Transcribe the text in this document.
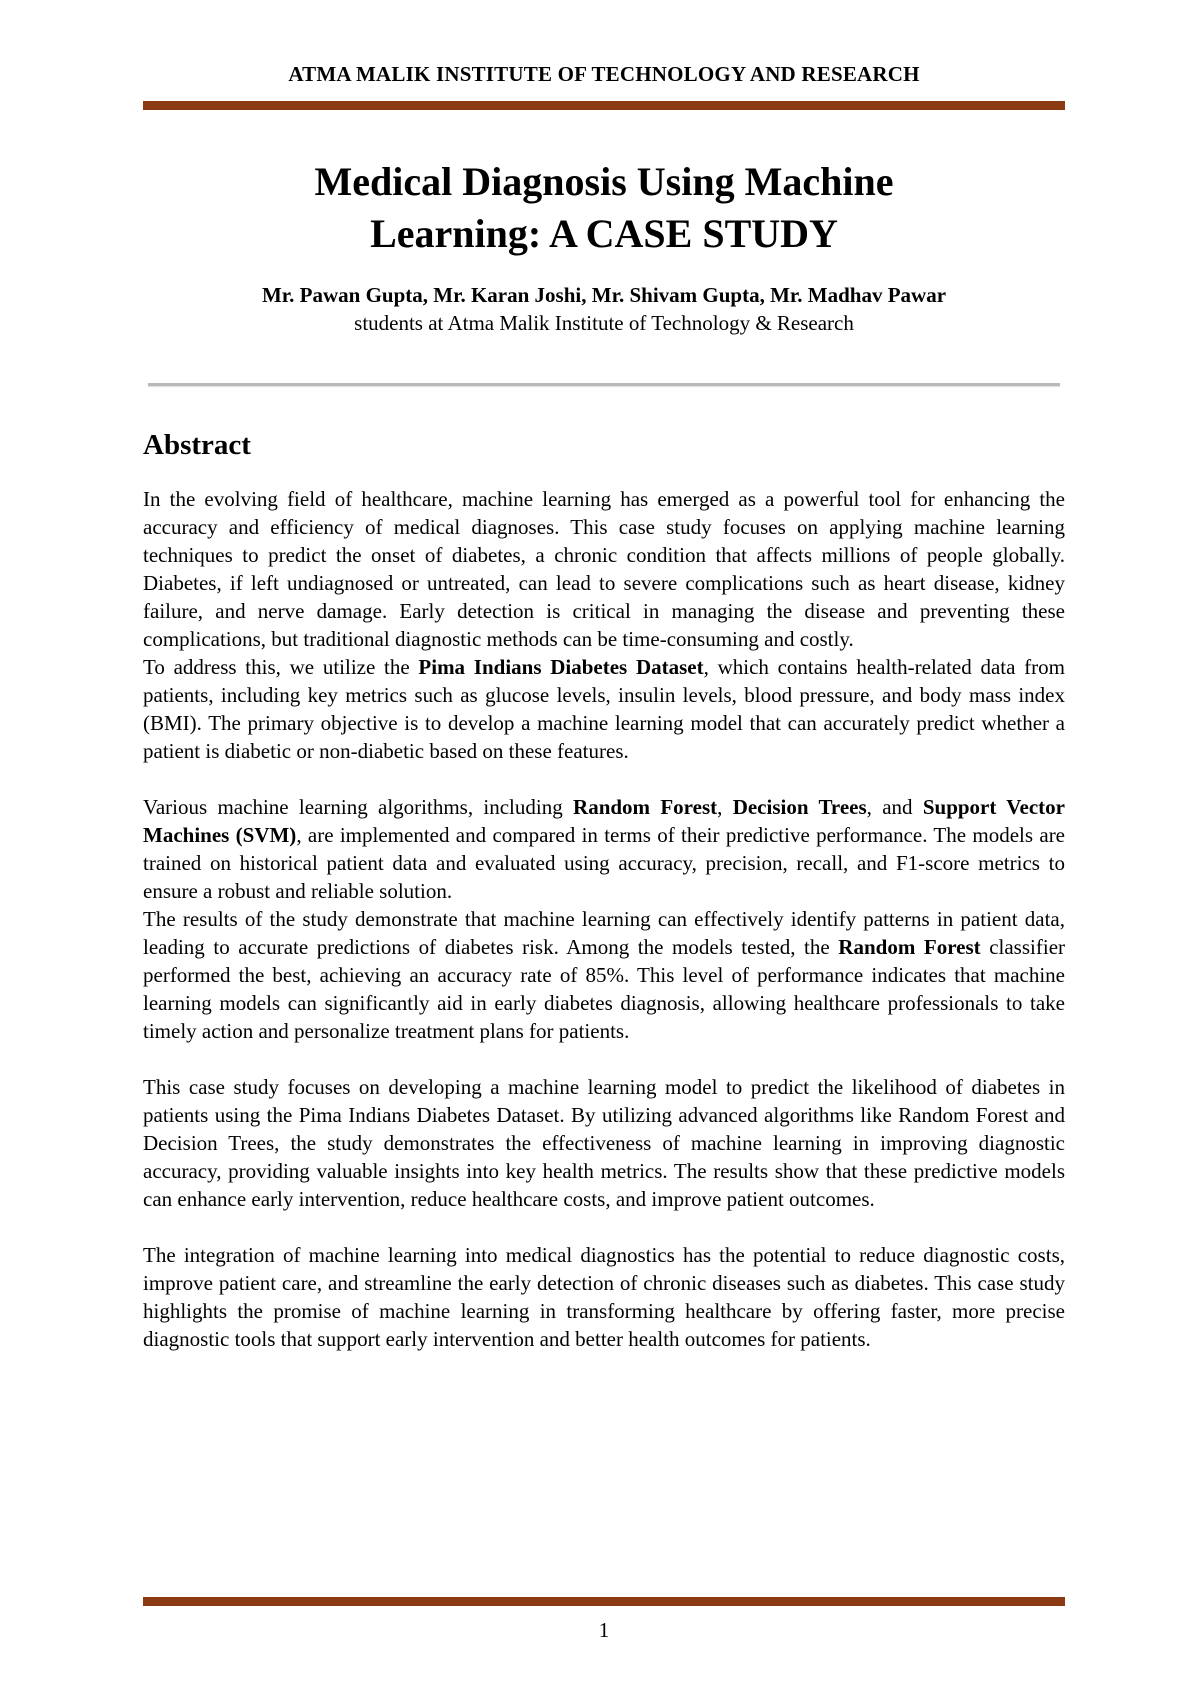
ATMA MALIK INSTITUTE OF TECHNOLOGY AND RESEARCH
Medical Diagnosis Using Machine
Learning: A CASE STUDY
Mr. Pawan Gupta, Mr. Karan Joshi, Mr. Shivam Gupta, Mr. Madhav Pawar
students at Atma Malik Institute of Technology & Research
Abstract

In the evolving field of healthcare, machine learning has emerged as a powerful tool for enhancing the accuracy and efficiency of medical diagnoses. This case study focuses on applying machine learning techniques to predict the onset of diabetes, a chronic condition that affects millions of people globally. Diabetes, if left undiagnosed or untreated, can lead to severe complications such as heart disease, kidney failure, and nerve damage. Early detection is critical in managing the disease and preventing these complications, but traditional diagnostic methods can be time-consuming and costly.

To address this, we utilize the Pima Indians Diabetes Dataset, which contains health-related data from patients, including key metrics such as glucose levels, insulin levels, blood pressure, and body mass index (BMI). The primary objective is to develop a machine learning model that can accurately predict whether a patient is diabetic or non-diabetic based on these features.

Various machine learning algorithms, including Random Forest, Decision Trees, and Support Vector Machines (SVM), are implemented and compared in terms of their predictive performance. The models are trained on historical patient data and evaluated using accuracy, precision, recall, and F1-score metrics to ensure a robust and reliable solution.

The results of the study demonstrate that machine learning can effectively identify patterns in patient data, leading to accurate predictions of diabetes risk. Among the models tested, the Random Forest classifier performed the best, achieving an accuracy rate of 85%. This level of performance indicates that machine learning models can significantly aid in early diabetes diagnosis, allowing healthcare professionals to take timely action and personalize treatment plans for patients.

This case study focuses on developing a machine learning model to predict the likelihood of diabetes in patients using the Pima Indians Diabetes Dataset. By utilizing advanced algorithms like Random Forest and Decision Trees, the study demonstrates the effectiveness of machine learning in improving diagnostic accuracy, providing valuable insights into key health metrics. The results show that these predictive models can enhance early intervention, reduce healthcare costs, and improve patient outcomes.

The integration of machine learning into medical diagnostics has the potential to reduce diagnostic costs, improve patient care, and streamline the early detection of chronic diseases such as diabetes. This case study highlights the promise of machine learning in transforming healthcare by offering faster, more precise diagnostic tools that support early intervention and better health outcomes for patients.

1
